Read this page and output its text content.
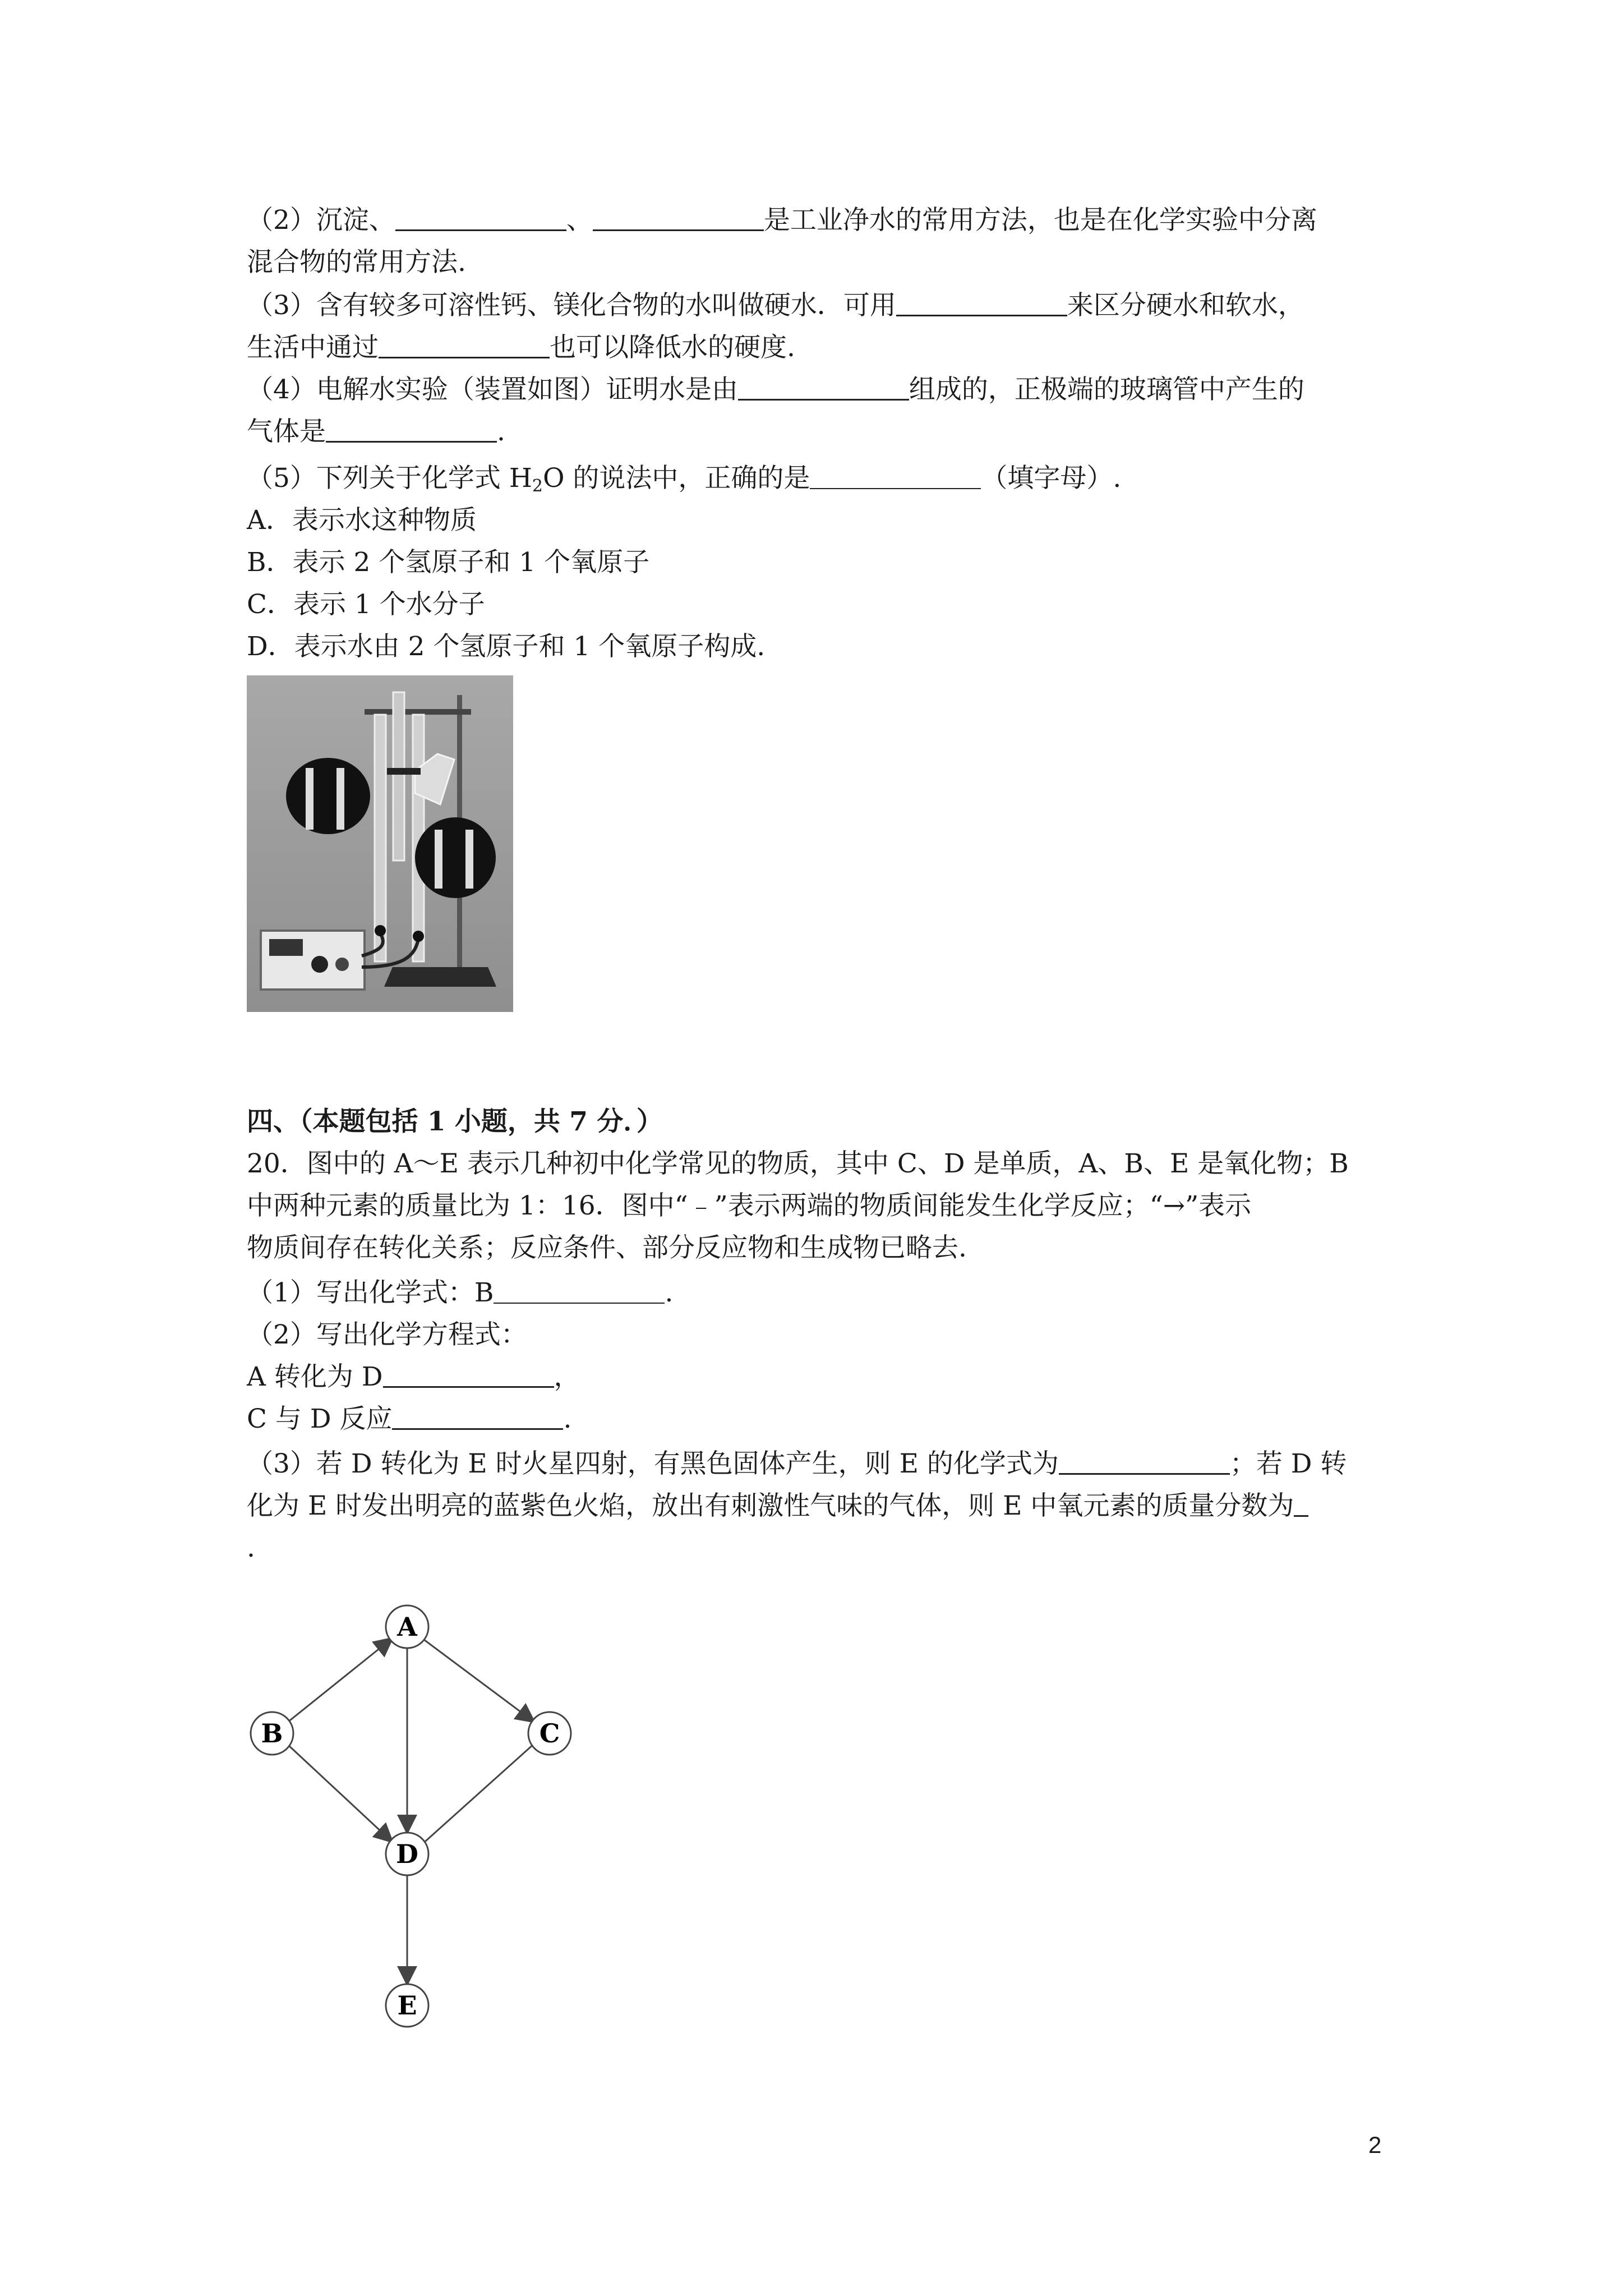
（2）沉淀、	、	是工业净水的常用方法，也是在化学实验中分离
混合物的常用方法.
（3）含有较多可溶性钙、镁化合物的水叫做硬水．可用	来区分硬水和软水，
生活中通过	也可以降低水的硬度.
（4）电解水实验（装置如图）证明水是由	组成的，正极端的玻璃管中产生的
气体是	.
（5）下列关于化学式 $H_2O$ 的说法中，正确的是	（填字母）.
A．表示水这种物质
B．表示 2 个氢原子和 1 个氧原子
C．表示 1 个水分子
D．表示水由 2 个氢原子和 1 个氧原子构成.
四、（本题包括 1 小题，共 7 分．）
20．图中的 A～E 表示几种初中化学常见的物质，其中 C、D 是单质，A、B、E 是氧化物；B
中两种元素的质量比为 1：16．图中“﹣”表示两端的物质间能发生化学反应；“→”表示
物质间存在转化关系；反应条件、部分反应物和生成物已略去.
（1）写出化学式：B	.
（2）写出化学方程式：
A 转化为 D	，
C 与 D 反应	.
（3）若 D 转化为 E 时火星四射，有黑色固体产生，则 E 的化学式为	；若 D 转
化为 E 时发出明亮的蓝紫色火焰，放出有刺激性气味的气体，则 E 中氧元素的质量分数为
.
A
B	C
D
E
2
